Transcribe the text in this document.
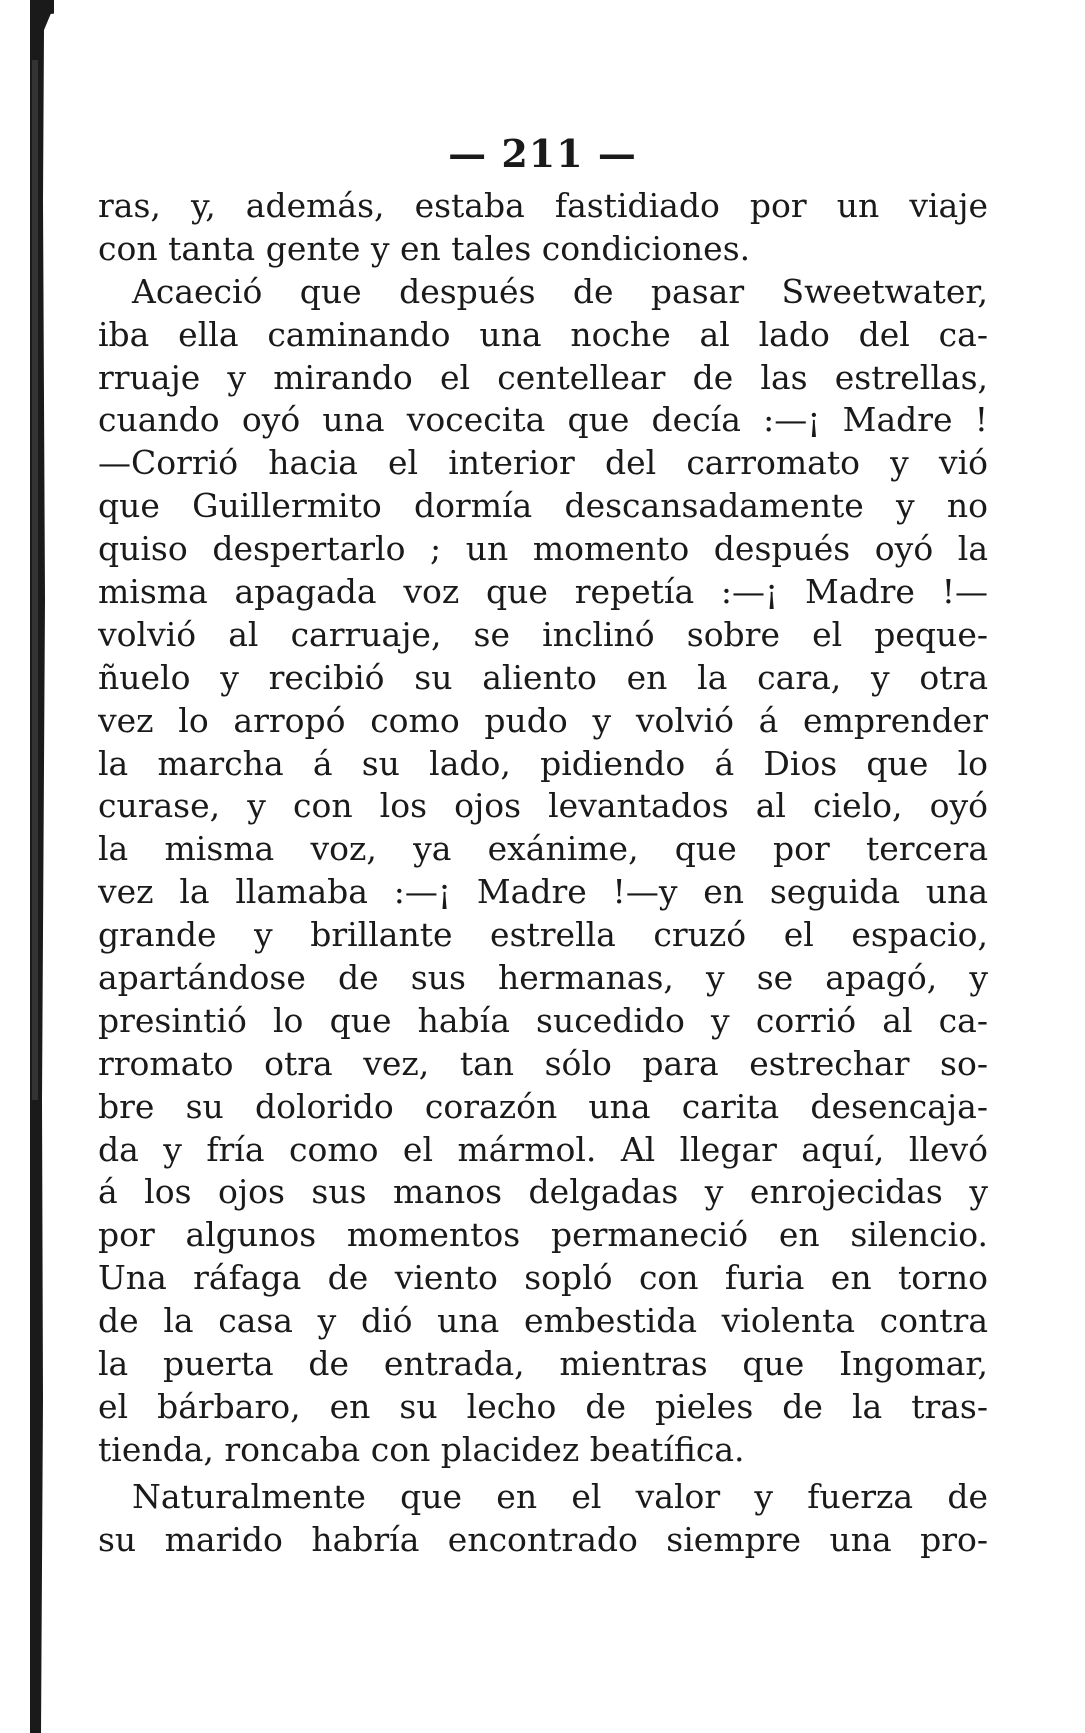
— 211 —
ras, y, además, estaba fastidiado por un viaje
con tanta gente y en tales condiciones.
Acaeció que después de pasar Sweetwater,
iba ella caminando una noche al lado del ca-
rruaje y mirando el centellear de las estrellas,
cuando oyó una vocecita que decía :—¡ Madre !
—Corrió hacia el interior del carromato y vió
que Guillermito dormía descansadamente y no
quiso despertarlo ; un momento después oyó la
misma apagada voz que repetía :—¡ Madre !—
volvió al carruaje, se inclinó sobre el peque-
ñuelo y recibió su aliento en la cara, y otra
vez lo arropó como pudo y volvió á emprender
la marcha á su lado, pidiendo á Dios que lo
curase, y con los ojos levantados al cielo, oyó
la misma voz, ya exánime, que por tercera
vez la llamaba :—¡ Madre !—y en seguida una
grande y brillante estrella cruzó el espacio,
apartándose de sus hermanas, y se apagó, y
presintió lo que había sucedido y corrió al ca-
rromato otra vez, tan sólo para estrechar so-
bre su dolorido corazón una carita desencaja-
da y fría como el mármol. Al llegar aquí, llevó
á los ojos sus manos delgadas y enrojecidas y
por algunos momentos permaneció en silencio.
Una ráfaga de viento sopló con furia en torno
de la casa y dió una embestida violenta contra
la puerta de entrada, mientras que Ingomar,
el bárbaro, en su lecho de pieles de la tras-
tienda, roncaba con placidez beatífica.
Naturalmente que en el valor y fuerza de
su marido habría encontrado siempre una pro-
